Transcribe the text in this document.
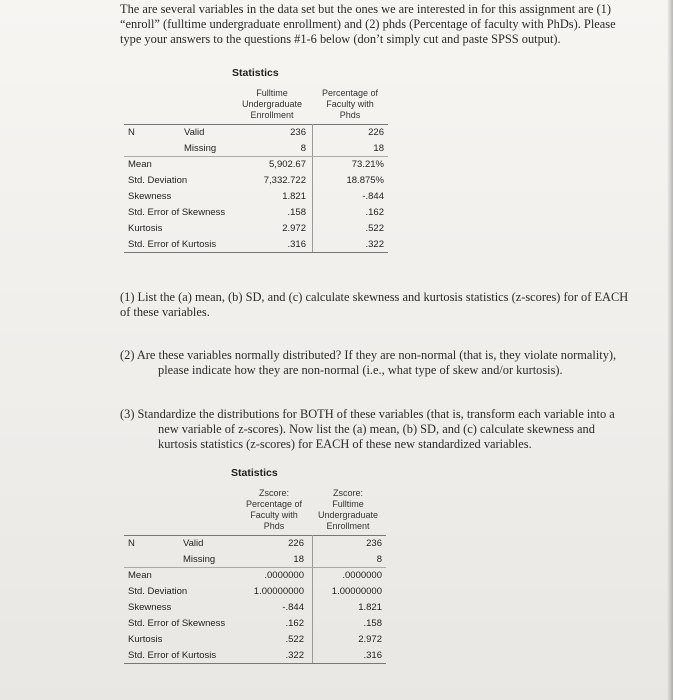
The are several variables in the data set but the ones we are interested in for this assignment are (1)
“enroll” (fulltime undergraduate enrollment) and (2) phds (Percentage of faculty with PhDs). Please
type your answers to the questions #1-6 below (don’t simply cut and paste SPSS output).
Statistics
Fulltime
Undergraduate
Enrollment
Percentage of
Faculty with
Phds
N	Valid	236	226
Missing	8	18
Mean	5,902.67	73.21%
Std. Deviation	7,332.722	18.875%
Skewness	1.821	-.844
Std. Error of Skewness	.158	.162
Kurtosis	2.972	.522
Std. Error of Kurtosis	.316	.322
(1) List the (a) mean, (b) SD, and (c) calculate skewness and kurtosis statistics (z-scores) for of EACH
of these variables.
(2) Are these variables normally distributed? If they are non-normal (that is, they violate normality),
please indicate how they are non-normal (i.e., what type of skew and/or kurtosis).
(3) Standardize the distributions for BOTH of these variables (that is, transform each variable into a
new variable of z-scores). Now list the (a) mean, (b) SD, and (c) calculate skewness and
kurtosis statistics (z-scores) for EACH of these new standardized variables.
Statistics
Zscore:
Percentage of
Faculty with
Phds
Zscore:
Fulltime
Undergraduate
Enrollment
N	Valid	226	236
Missing	18	8
Mean	.0000000	.0000000
Std. Deviation	1.00000000	1.00000000
Skewness	-.844	1.821
Std. Error of Skewness	.162	.158
Kurtosis	.522	2.972
Std. Error of Kurtosis	.322	.316
